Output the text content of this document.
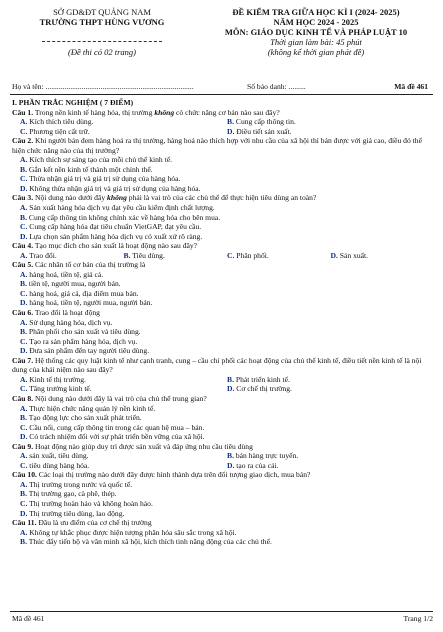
SỞ GD&ĐT QUẢNG NAM
TRƯỜNG THPT HÙNG VƯƠNG
(Đề thi có 02 trang)
ĐỀ KIỂM TRA GIỮA HỌC KÌ I (2024- 2025)
NĂM HỌC 2024 - 2025
MÔN: GIÁO DỤC KINH TẾ VÀ PHÁP LUẬT 10
Thời gian làm bài: 45 phút
(không kể thời gian phát đề)
Họ và tên: ..............................................................................	Số báo danh: .........	Mã đề 461
I. PHẦN TRẮC NGHIỆM ( 7 ĐIỂM)
Câu 1. Trong nền kinh tế hàng hóa, thị trường không có chức năng cơ bản nào sau đây?
A. Kích thích tiêu dùng.	B. Cung cấp thông tin.
C. Phương tiện cất trữ.	D. Điều tiết sản xuất.
Câu 2. Khi người bán đem hàng hoá ra thị trường, hàng hoá nào thích hợp với nhu cầu của xã hội thì bán được với giá cao, điều đó thể hiện chức năng nào của thị trường?
A. Kích thích sự sáng tạo của mỗi chủ thể kinh tế.
B. Gắn kết nền kinh tế thành một chỉnh thể.
C. Thừa nhận giá trị và giá trị sử dụng của hàng hóa.
D. Không thừa nhận giá trị và giá trị sử dụng của hàng hóa.
Câu 3. Nội dung nào dưới đây không phải là vai trò của các chủ thể để thực hiện tiêu dùng an toàn?
A. Sản xuất hàng hóa dịch vụ đạt yêu cầu kiểm định chất lượng.
B. Cung cấp thông tin không chính xác về hàng hóa cho bên mua.
C. Cung cấp hàng hóa đạt tiêu chuẩn VietGAP, đạt yêu cầu.
D. Lựa chọn sản phẩm hàng hóa dịch vụ có xuất xứ rõ ràng.
Câu 4. Tạo mục đích cho sản xuất là hoạt động nào sau đây?
A. Trao đổi.	B. Tiêu dùng.	C. Phân phối.	D. Sản xuất.
Câu 5. Các nhân tố cơ bản của thị trường là
A. hàng hoá, tiền tệ, giá cả.
B. tiền tệ, người mua, người bán.
C. hàng hoá, giá cả, địa điểm mua bán.
D. hàng hoá, tiền tệ, người mua, người bán.
Câu 6. Trao đổi là hoạt động
A. Sử dụng hàng hóa, dịch vụ.
B. Phân phối cho sản xuất và tiêu dùng.
C. Tạo ra sản phẩm hàng hóa, dịch vụ.
D. Đưa sản phẩm đến tay người tiêu dùng.
Câu 7. Hệ thống các quy luật kinh tế như cạnh tranh, cung – cầu chi phối các hoạt động của chủ thể kinh tế, điều tiết nền kinh tế là nội dung của khái niệm nào sau đây?
A. Kinh tế thị trường.	B. Phát triển kinh tế.
C. Tăng trưởng kinh tế.	D. Cơ chế thị trường.
Câu 8. Nội dung nào dưới đây là vai trò của chủ thể trung gian?
A. Thực hiện chức năng quản lý nền kinh tế.
B. Tạo động lực cho sản xuất phát triển.
C. Cầu nối, cung cấp thông tin trong các quan hệ mua – bán.
D. Có trách nhiệm đối với sự phát triển bền vững của xã hội.
Câu 9. Hoạt động nào giúp duy trì được sản xuất và đáp ứng nhu cầu tiêu dùng
A. sản xuất, tiêu dùng.	B. bán hàng trực tuyến.
C. tiêu dùng hàng hóa.	D. tạo ra của cải.
Câu 10. Các loại thị trường nào dưới đây được hình thành dựa trên đối tượng giao dịch, mua bán?
A. Thị trường trong nước và quốc tế.
B. Thị trường gạo, cà phê, thép.
C. Thị trường hoàn hảo và không hoàn hảo.
D. Thị trường tiêu dùng, lao động.
Câu 11. Đâu là ưu điểm của cơ chế thị trường
A. Không tự khắc phục được hiện tượng phân hóa sâu sắc trong xã hội.
B. Thúc đẩy tiến bộ và văn minh xã hội, kích thích tinh năng động của các chủ thể.
Mã đề 461	Trang 1/2
